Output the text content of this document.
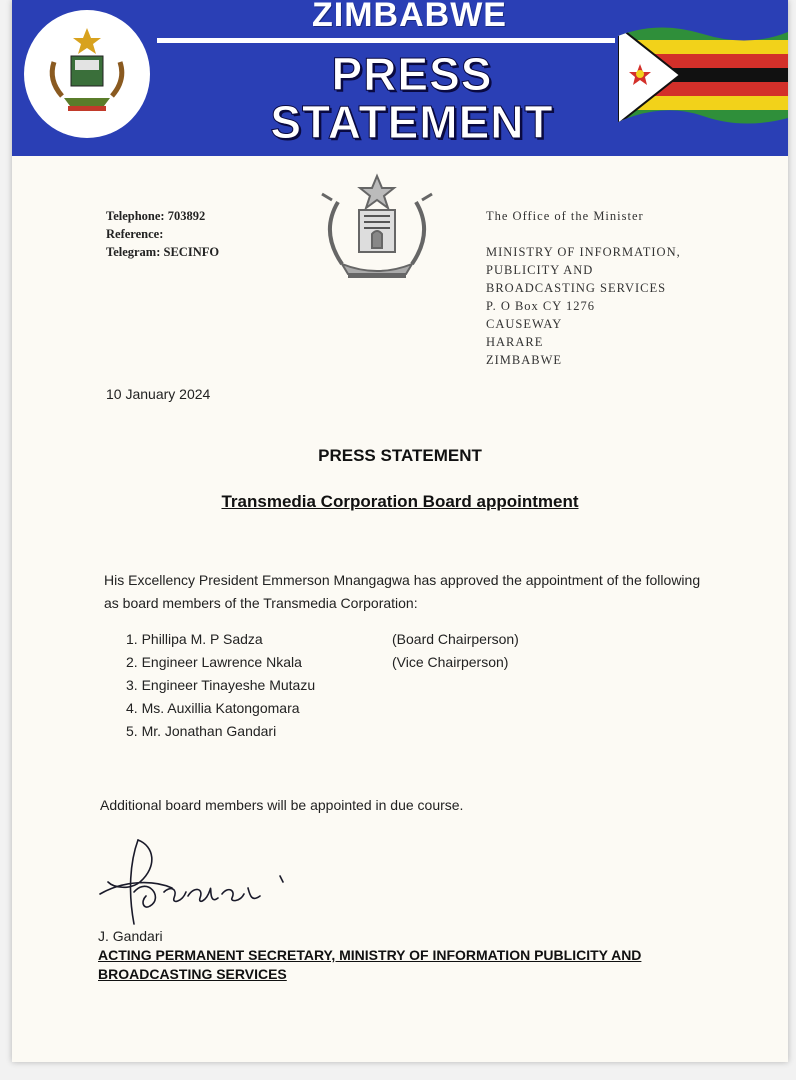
ZIMBABWE
PRESS
STATEMENT
Telephone: 703892
Reference:
Telegram: SECINFO
The Office of the Minister
MINISTRY OF INFORMATION,
PUBLICITY AND
BROADCASTING SERVICES
P. O Box CY 1276
CAUSEWAY
HARARE
ZIMBABWE
10 January 2024
PRESS STATEMENT
Transmedia Corporation Board appointment
His Excellency President Emmerson Mnangagwa has approved the appointment of the following as board members of the Transmedia Corporation:
1. Phillipa M. P Sadza	(Board Chairperson)
2. Engineer Lawrence Nkala	(Vice Chairperson)
3. Engineer Tinayeshe Mutazu
4. Ms. Auxillia Katongomara
5. Mr. Jonathan Gandari
Additional board members will be appointed in due course.
J. Gandari
ACTING PERMANENT SECRETARY, MINISTRY OF INFORMATION PUBLICITY AND BROADCASTING SERVICES
